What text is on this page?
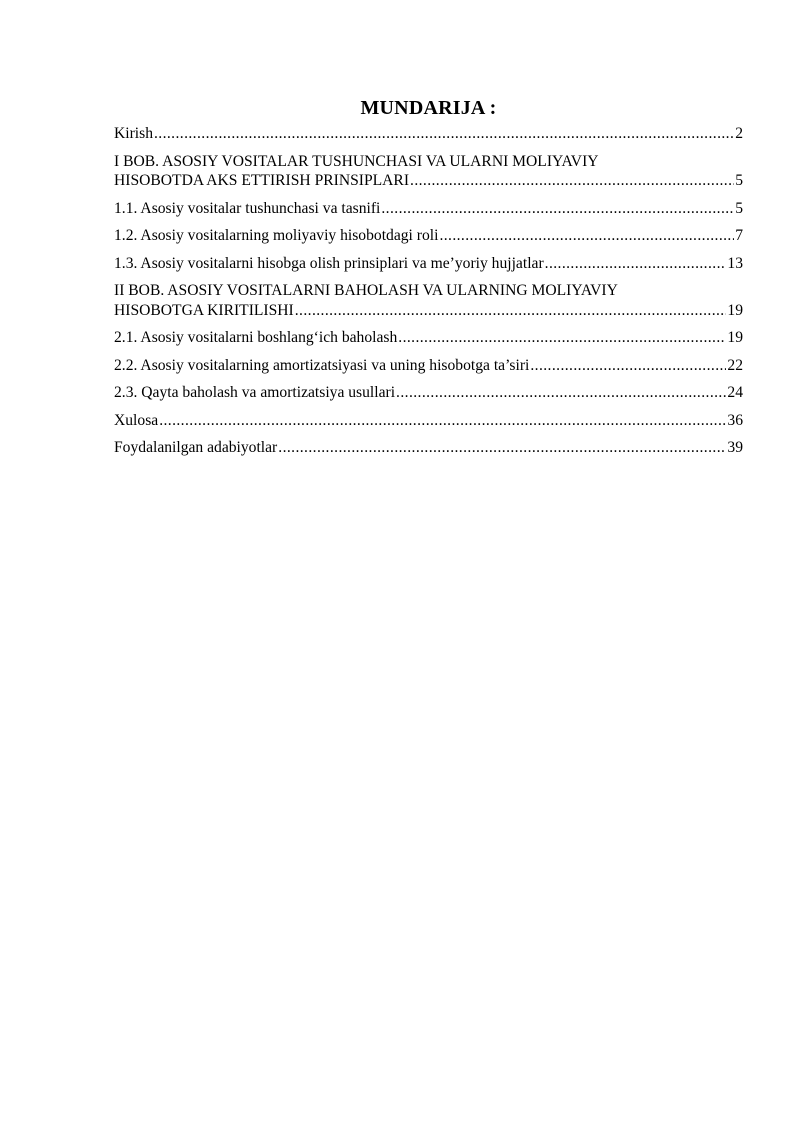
MUNDARIJA :
Kirish .....	2
I BOB. ASOSIY VOSITALAR TUSHUNCHASI VA ULARNI MOLIYAVIY
HISOBOTDA AKS ETTIRISH PRINSIPLARI .....	5
1.1. Asosiy vositalar tushunchasi va tasnifi .....	5
1.2. Asosiy vositalarning moliyaviy hisobotdagi roli .....	7
1.3. Asosiy vositalarni hisobga olish prinsiplari va me’yoriy hujjatlar .....	13
II BOB. ASOSIY VOSITALARNI BAHOLASH VA ULARNING MOLIYAVIY
HISOBOTGA KIRITILISHI .....	19
2.1. Asosiy vositalarni boshlang‘ich baholash .....	19
2.2. Asosiy vositalarning amortizatsiyasi va uning hisobotga ta’siri .....	22
2.3. Qayta baholash va amortizatsiya usullari .....	24
Xulosa .....	36
Foydalanilgan adabiyotlar .....	39
